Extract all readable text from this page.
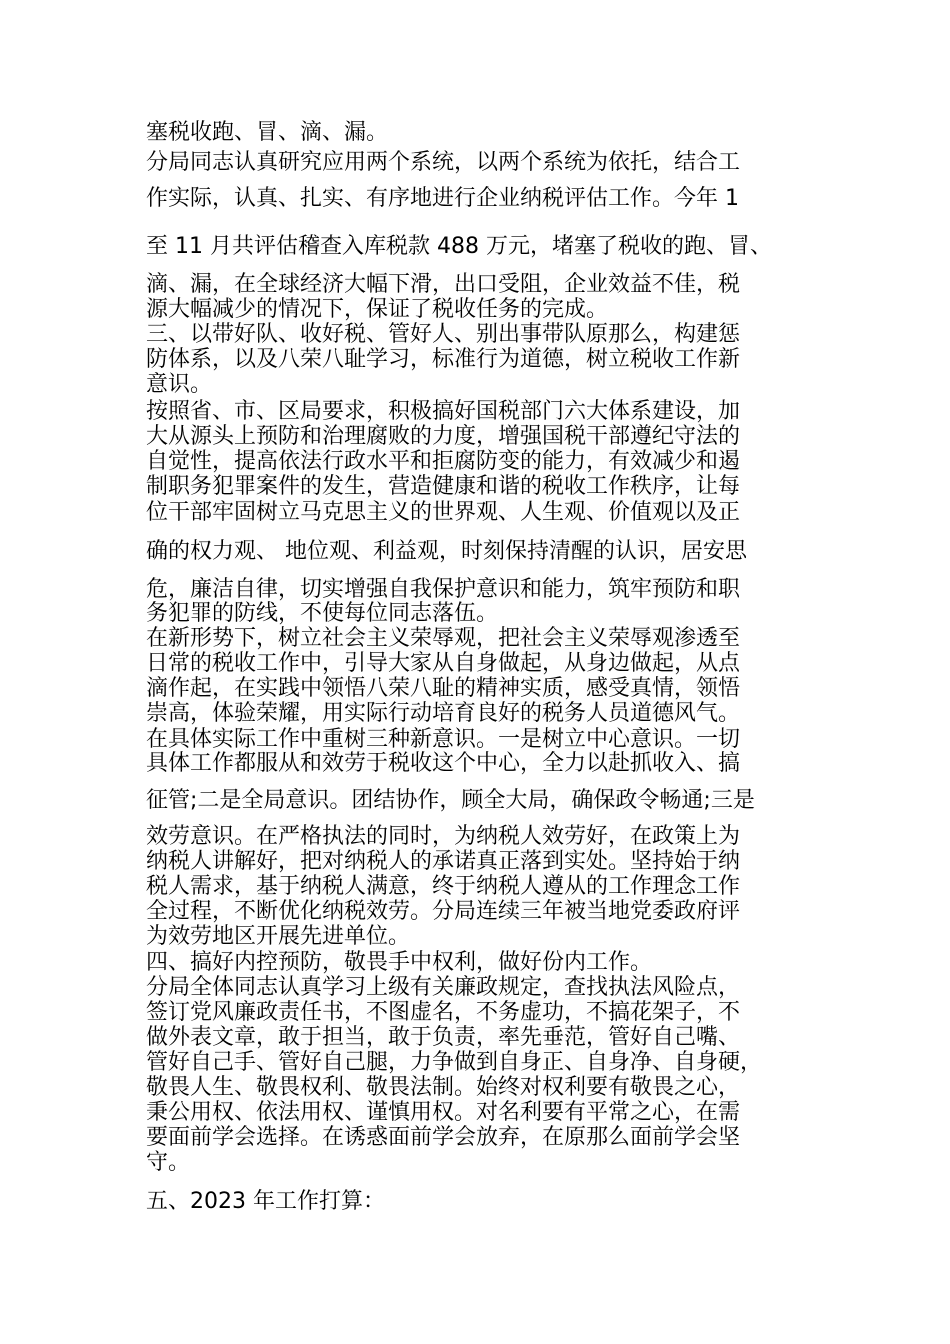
塞税收跑、冒、滴、漏。

分局同志认真研究应用两个系统，以两个系统为依托，结合工

作实际，认真、扎实、有序地进行企业纳税评估工作。今年 1

至 11 月共评估稽查入库税款 488 万元，堵塞了税收的跑、冒、

滴、漏，在全球经济大幅下滑，出口受阻，企业效益不佳，税

源大幅减少的情况下，保证了税收任务的完成。

三、以带好队、收好税、管好人、别出事带队原那么，构建惩

防体系，以及八荣八耻学习，标准行为道德，树立税收工作新

意识。

按照省、市、区局要求，积极搞好国税部门六大体系建设，加

大从源头上预防和治理腐败的力度，增强国税干部遵纪守法的

自觉性，提高依法行政水平和拒腐防变的能力，有效减少和遏

制职务犯罪案件的发生，营造健康和谐的税收工作秩序，让每

位干部牢固树立马克思主义的世界观、人生观、价值观以及正

确的权力观、 地位观、利益观，时刻保持清醒的认识，居安思

危，廉洁自律，切实增强自我保护意识和能力，筑牢预防和职

务犯罪的防线，不使每位同志落伍。

在新形势下，树立社会主义荣辱观，把社会主义荣辱观渗透至

日常的税收工作中，引导大家从自身做起，从身边做起，从点

滴作起，在实践中领悟八荣八耻的精神实质，感受真情，领悟

崇高，体验荣耀，用实际行动培育良好的税务人员道德风气。

在具体实际工作中重树三种新意识。一是树立中心意识。一切

具体工作都服从和效劳于税收这个中心，全力以赴抓收入、搞

征管;二是全局意识。团结协作，顾全大局，确保政令畅通;三是

效劳意识。在严格执法的同时，为纳税人效劳好，在政策上为

纳税人讲解好，把对纳税人的承诺真正落到实处。坚持始于纳

税人需求，基于纳税人满意，终于纳税人遵从的工作理念工作

全过程，不断优化纳税效劳。分局连续三年被当地党委政府评

为效劳地区开展先进单位。

四、搞好内控预防，敬畏手中权利，做好份内工作。

分局全体同志认真学习上级有关廉政规定，查找执法风险点，

签订党风廉政责任书，不图虚名，不务虚功，不搞花架子，不

做外表文章，敢于担当，敢于负责，率先垂范，管好自己嘴、

管好自己手、管好自己腿，力争做到自身正、自身净、自身硬，

敬畏人生、敬畏权利、敬畏法制。始终对权利要有敬畏之心，

秉公用权、依法用权、谨慎用权。对名利要有平常之心，在需

要面前学会选择。在诱惑面前学会放弃，在原那么面前学会坚

守。

五、2023 年工作打算：
